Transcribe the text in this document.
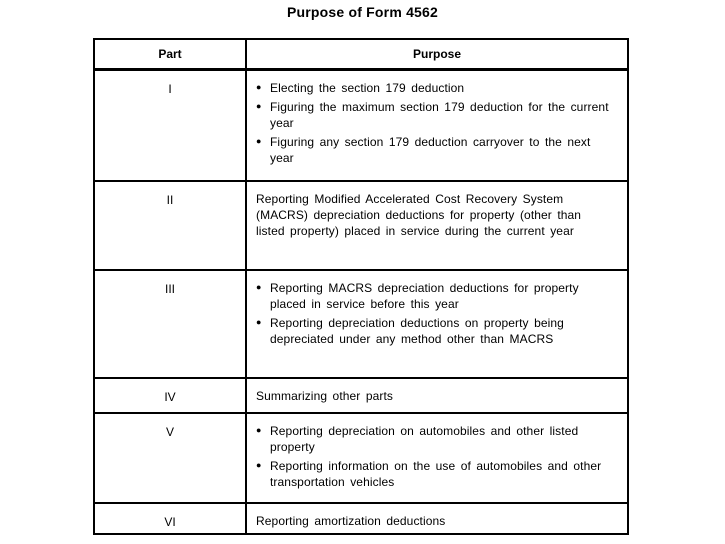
Purpose of Form 4562
Part	Purpose
I	● Electing the section 179 deduction
● Figuring the maximum section 179 deduction for the current year
● Figuring any section 179 deduction carryover to the next year

II	Reporting Modified Accelerated Cost Recovery System (MACRS) depreciation deductions for property (other than listed property) placed in service during the current year

III	● Reporting MACRS depreciation deductions for property placed in service before this year
● Reporting depreciation deductions on property being depreciated under any method other than MACRS

IV	Summarizing other parts

V	● Reporting depreciation on automobiles and other listed property
● Reporting information on the use of automobiles and other transportation vehicles

VI	Reporting amortization deductions
